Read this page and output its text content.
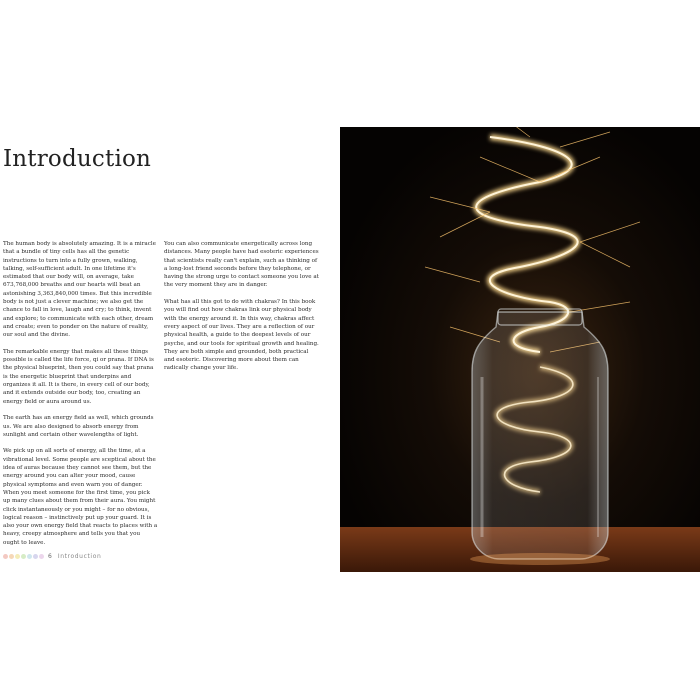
Introduction

The human body is absolutely amazing. It is a miracle that a bundle of tiny cells has all the genetic instructions to turn into a fully grown, walking, talking, self-sufficient adult. In one lifetime it's estimated that our body will, on average, take 673,768,000 breaths and our hearts will beat an astonishing 3,363,840,000 times. But this incredible body is not just a clever machine; we also get the chance to fall in love, laugh and cry; to think, invent and explore; to communicate with each other, dream and create; even to ponder on the nature of reality, our soul and the divine.

The remarkable energy that makes all these things possible is called the life force, qi or prana. If DNA is the physical blueprint, then you could say that prana is the energetic blueprint that underpins and organizes it all. It is there, in every cell of our body, and it extends outside our body, too, creating an energy field or aura around us.

The earth has an energy field as well, which grounds us. We are also designed to absorb energy from sunlight and certain other wavelengths of light.

We pick up on all sorts of energy, all the time, at a vibrational level. Some people are sceptical about the idea of auras because they cannot see them, but the energy around you can alter your mood, cause physical symptoms and even warn you of danger. When you meet someone for the first time, you pick up many clues about them from their aura. You might click instantaneously or you might – for no obvious, logical reason – instinctively put up your guard. It is also your own energy field that reacts to places with a heavy, creepy atmosphere and tells you that you ought to leave.

You can also communicate energetically across long distances. Many people have had esoteric experiences that scientists really can't explain, such as thinking of a long-lost friend seconds before they telephone, or having the strong urge to contact someone you love at the very moment they are in danger.

What has all this got to do with chakras? In this book you will find out how chakras link our physical body with the energy around it. In this way, chakras affect every aspect of our lives. They are a reflection of our physical health, a guide to the deepest levels of our psyche, and our tools for spiritual growth and healing. They are both simple and grounded, both practical and esoteric. Discovering more about them can radically change your life.

6 Introduction
